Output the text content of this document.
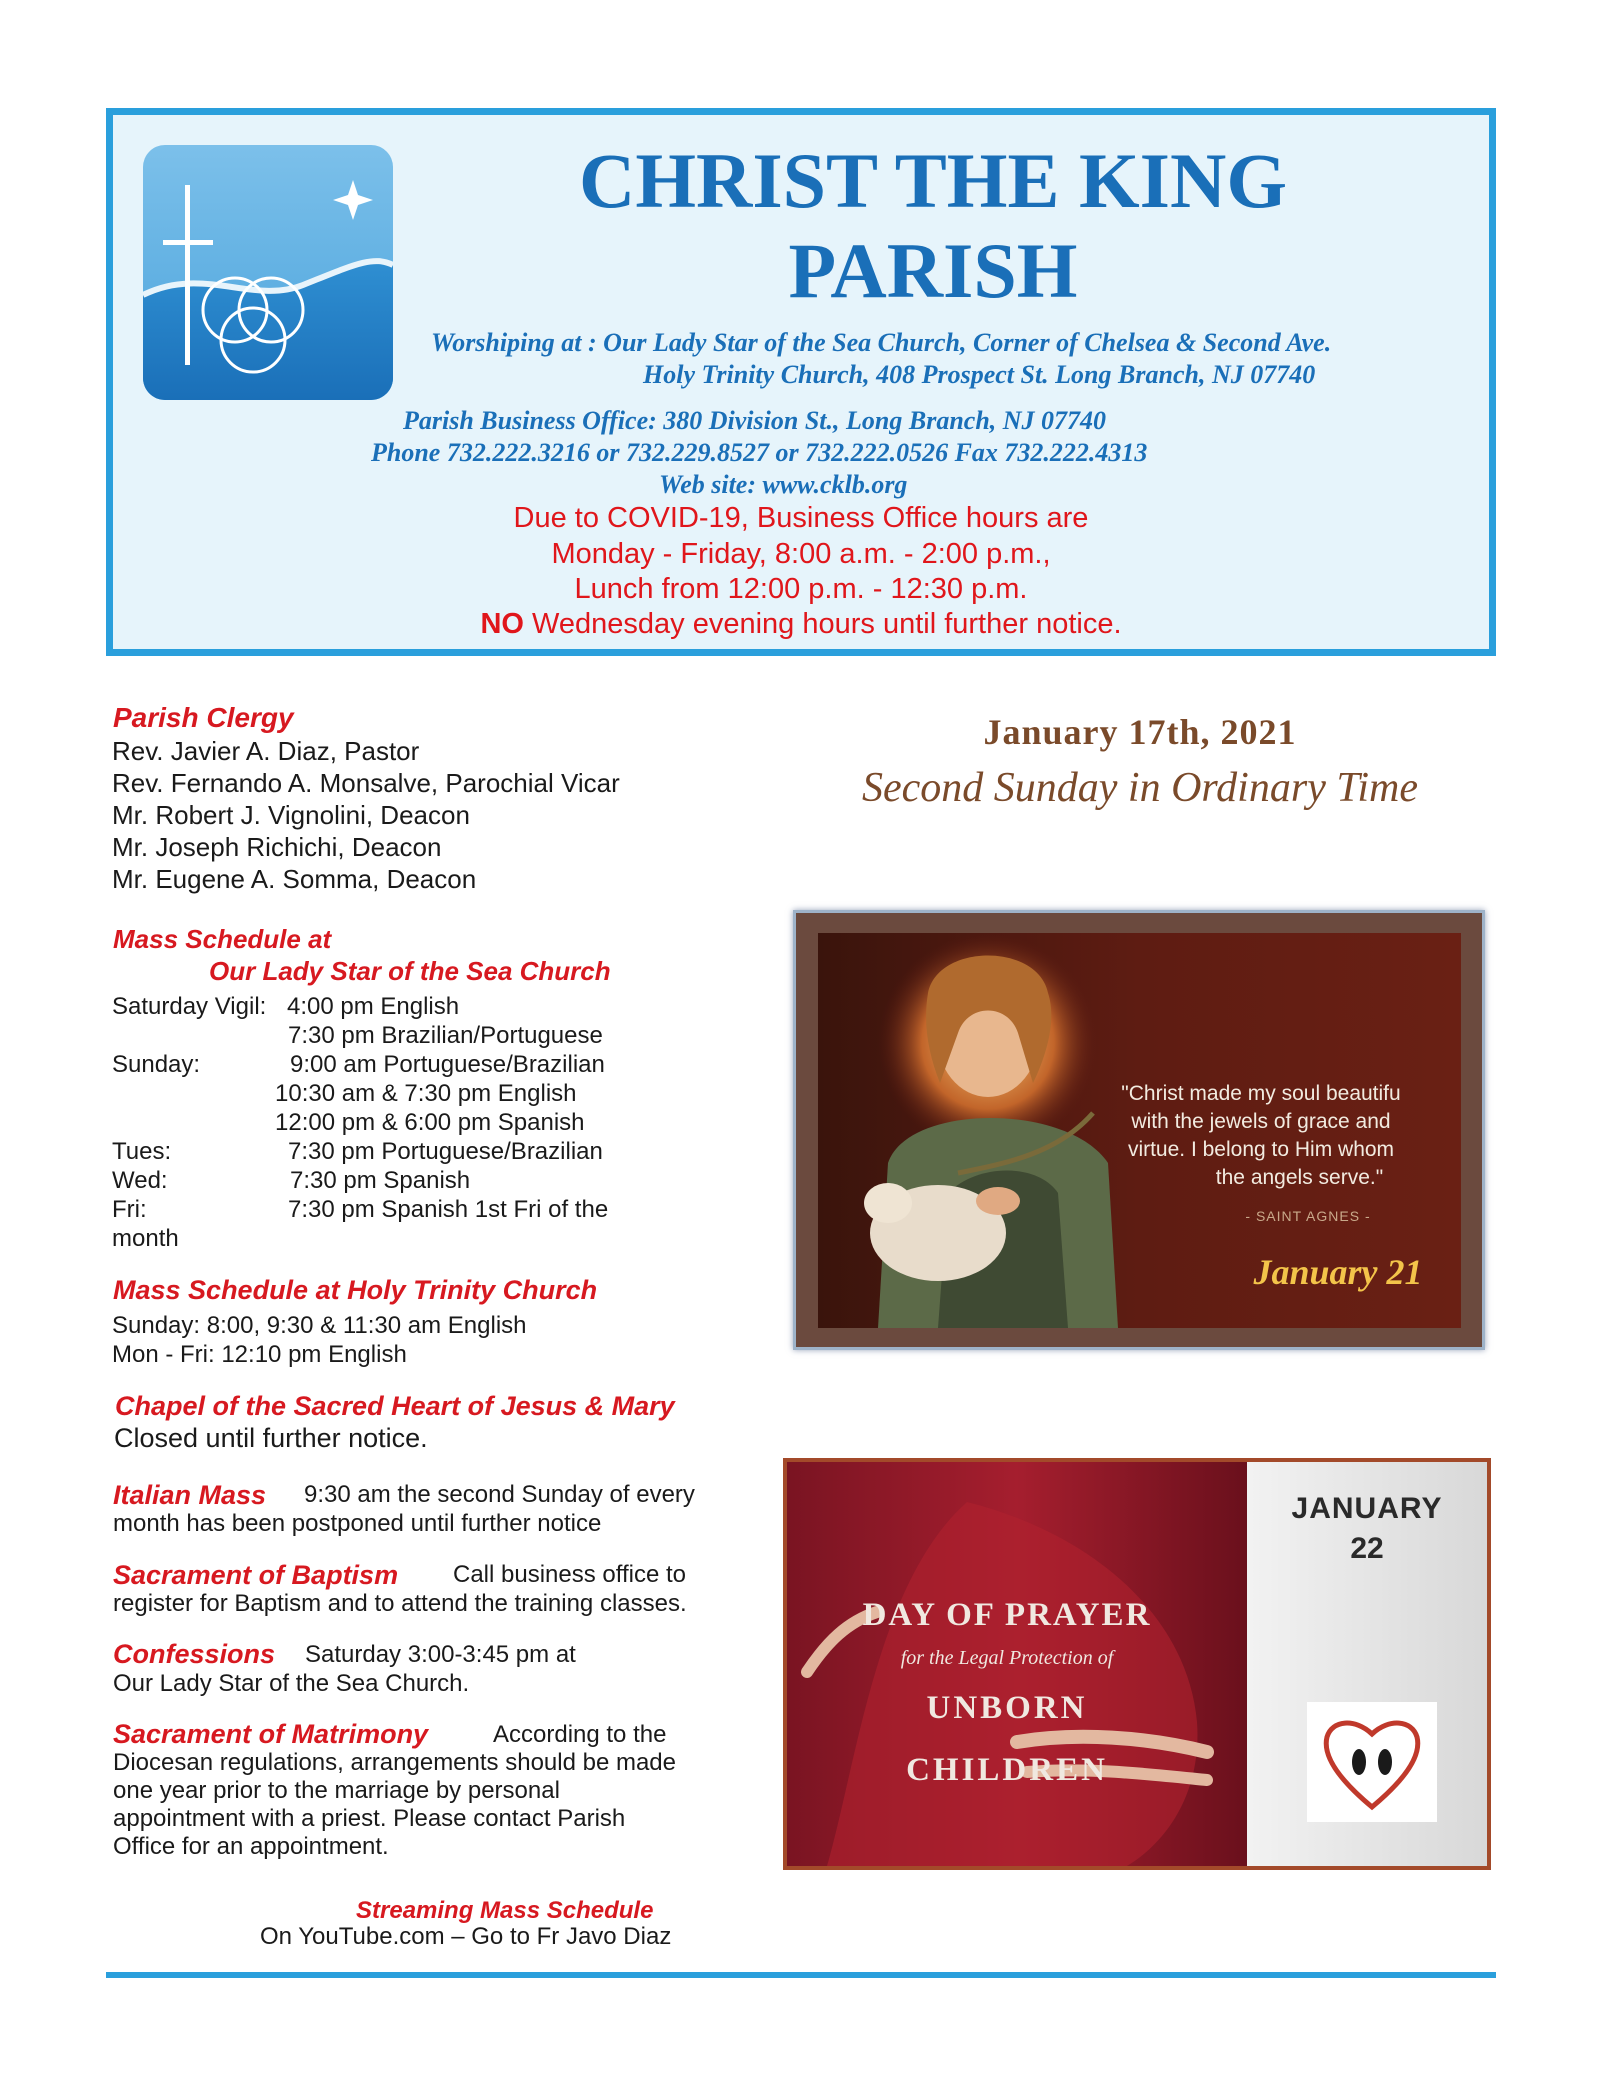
CHRIST THE KING
PARISH
Worshiping at : Our Lady Star of the Sea Church, Corner of Chelsea & Second Ave.
Holy Trinity Church, 408 Prospect St. Long Branch, NJ 07740
Parish Business Office: 380 Division St., Long Branch, NJ 07740
Phone 732.222.3216 or 732.229.8527 or 732.222.0526 Fax 732.222.4313
Web site: www.cklb.org
Due to COVID-19, Business Office hours are
Monday - Friday, 8:00 a.m. - 2:00 p.m.,
Lunch from 12:00 p.m. - 12:30 p.m.
NO Wednesday evening hours until further notice.
Parish Clergy
Rev. Javier A. Diaz, Pastor
Rev. Fernando A. Monsalve, Parochial Vicar
Mr. Robert J. Vignolini, Deacon
Mr. Joseph Richichi, Deacon
Mr. Eugene A. Somma, Deacon
Mass Schedule at
Our Lady Star of the Sea Church
Saturday Vigil: 4:00 pm English
7:30 pm Brazilian/Portuguese
Sunday:	9:00 am Portuguese/Brazilian
10:30 am & 7:30 pm English
12:00 pm & 6:00 pm Spanish
Tues:	7:30 pm Portuguese/Brazilian
Wed:	7:30 pm Spanish
Fri:	7:30 pm Spanish 1st Fri of the
month
Mass Schedule at Holy Trinity Church
Sunday: 8:00, 9:30 & 11:30 am English
Mon - Fri: 12:10 pm English
Chapel of the Sacred Heart of Jesus & Mary
Closed until further notice.
Italian Mass 9:30 am the second Sunday of every
month has been postponed until further notice
Sacrament of Baptism Call business office to
register for Baptism and to attend the training classes.
Confessions Saturday 3:00-3:45 pm at
Our Lady Star of the Sea Church.
Sacrament of Matrimony	According to the
Diocesan regulations, arrangements should be made
one year prior to the marriage by personal
appointment with a priest. Please contact Parish
Office for an appointment.
Streaming Mass Schedule
On YouTube.com – Go to Fr Javo Diaz
January 17th, 2021
Second Sunday in Ordinary Time
"Christ made my soul beautifu
with the jewels of grace and
virtue. I belong to Him whom
the angels serve."
- SAINT AGNES -
January 21
JANUARY
22
DAY OF PRAYER
for the Legal Protection of
UNBORN
CHILDREN
